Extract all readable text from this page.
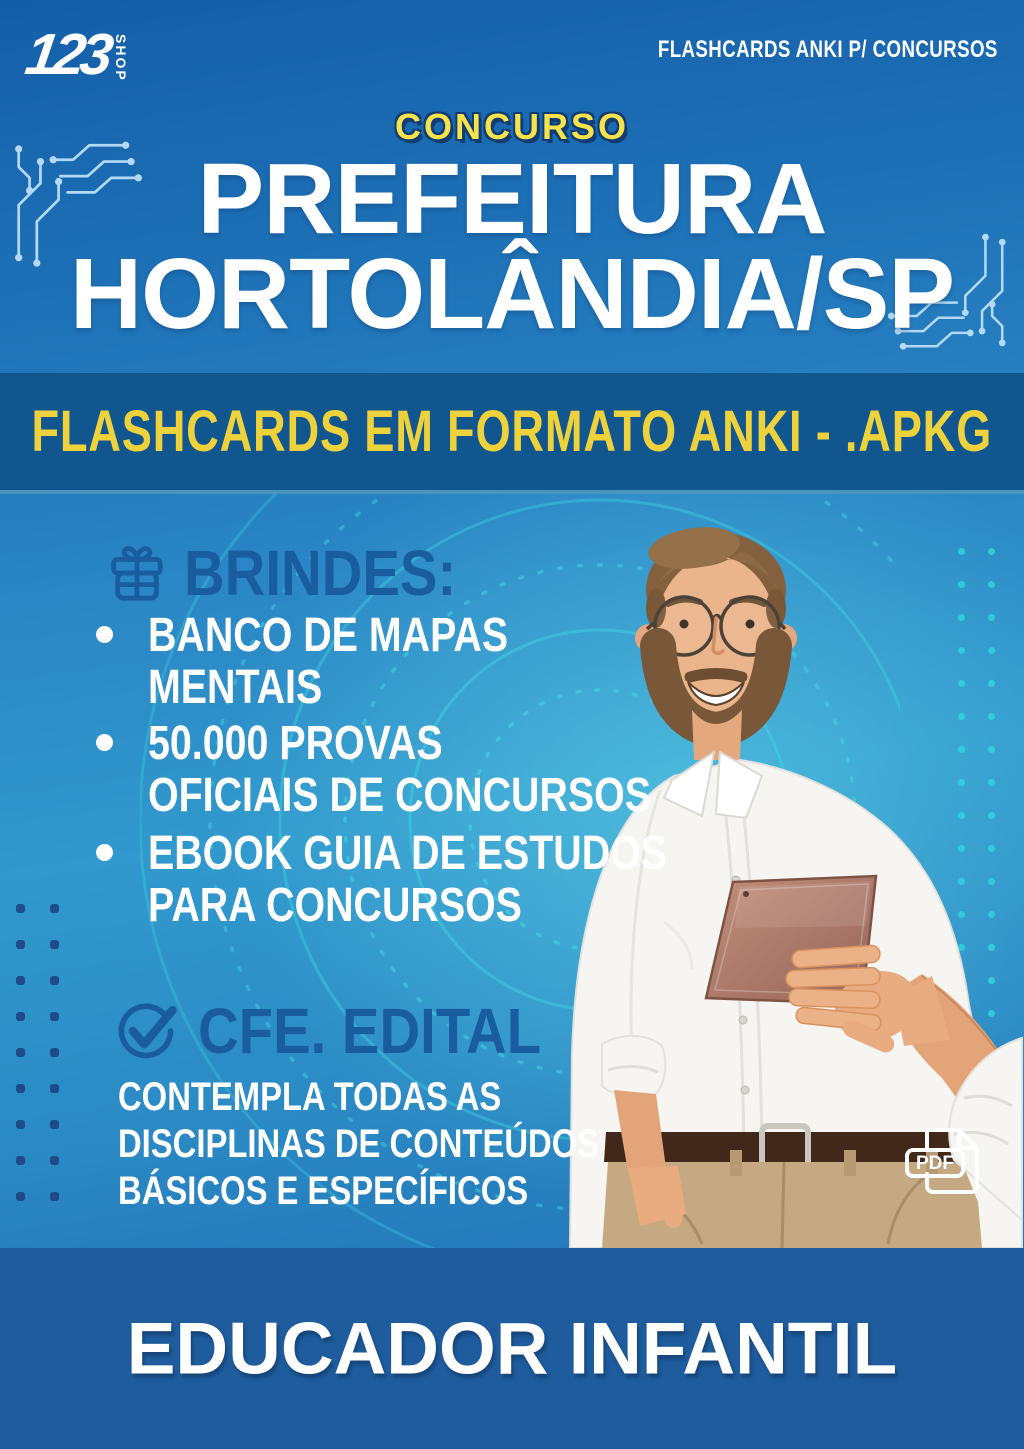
123 SHOP	FLASHCARDS ANKI P/ CONCURSOS
CONCURSO
PREFEITURA
HORTOLÂNDIA/SP
FLASHCARDS EM FORMATO ANKI - .APKG
BRINDES:
BANCO DE MAPAS
MENTAIS
50.000 PROVAS
OFICIAIS DE CONCURSOS
EBOOK GUIA DE ESTUDOS
PARA CONCURSOS
CFE. EDITAL
CONTEMPLA TODAS AS
DISCIPLINAS DE CONTEÚDOS
BÁSICOS E ESPECÍFICOS
PDF
EDUCADOR INFANTIL
